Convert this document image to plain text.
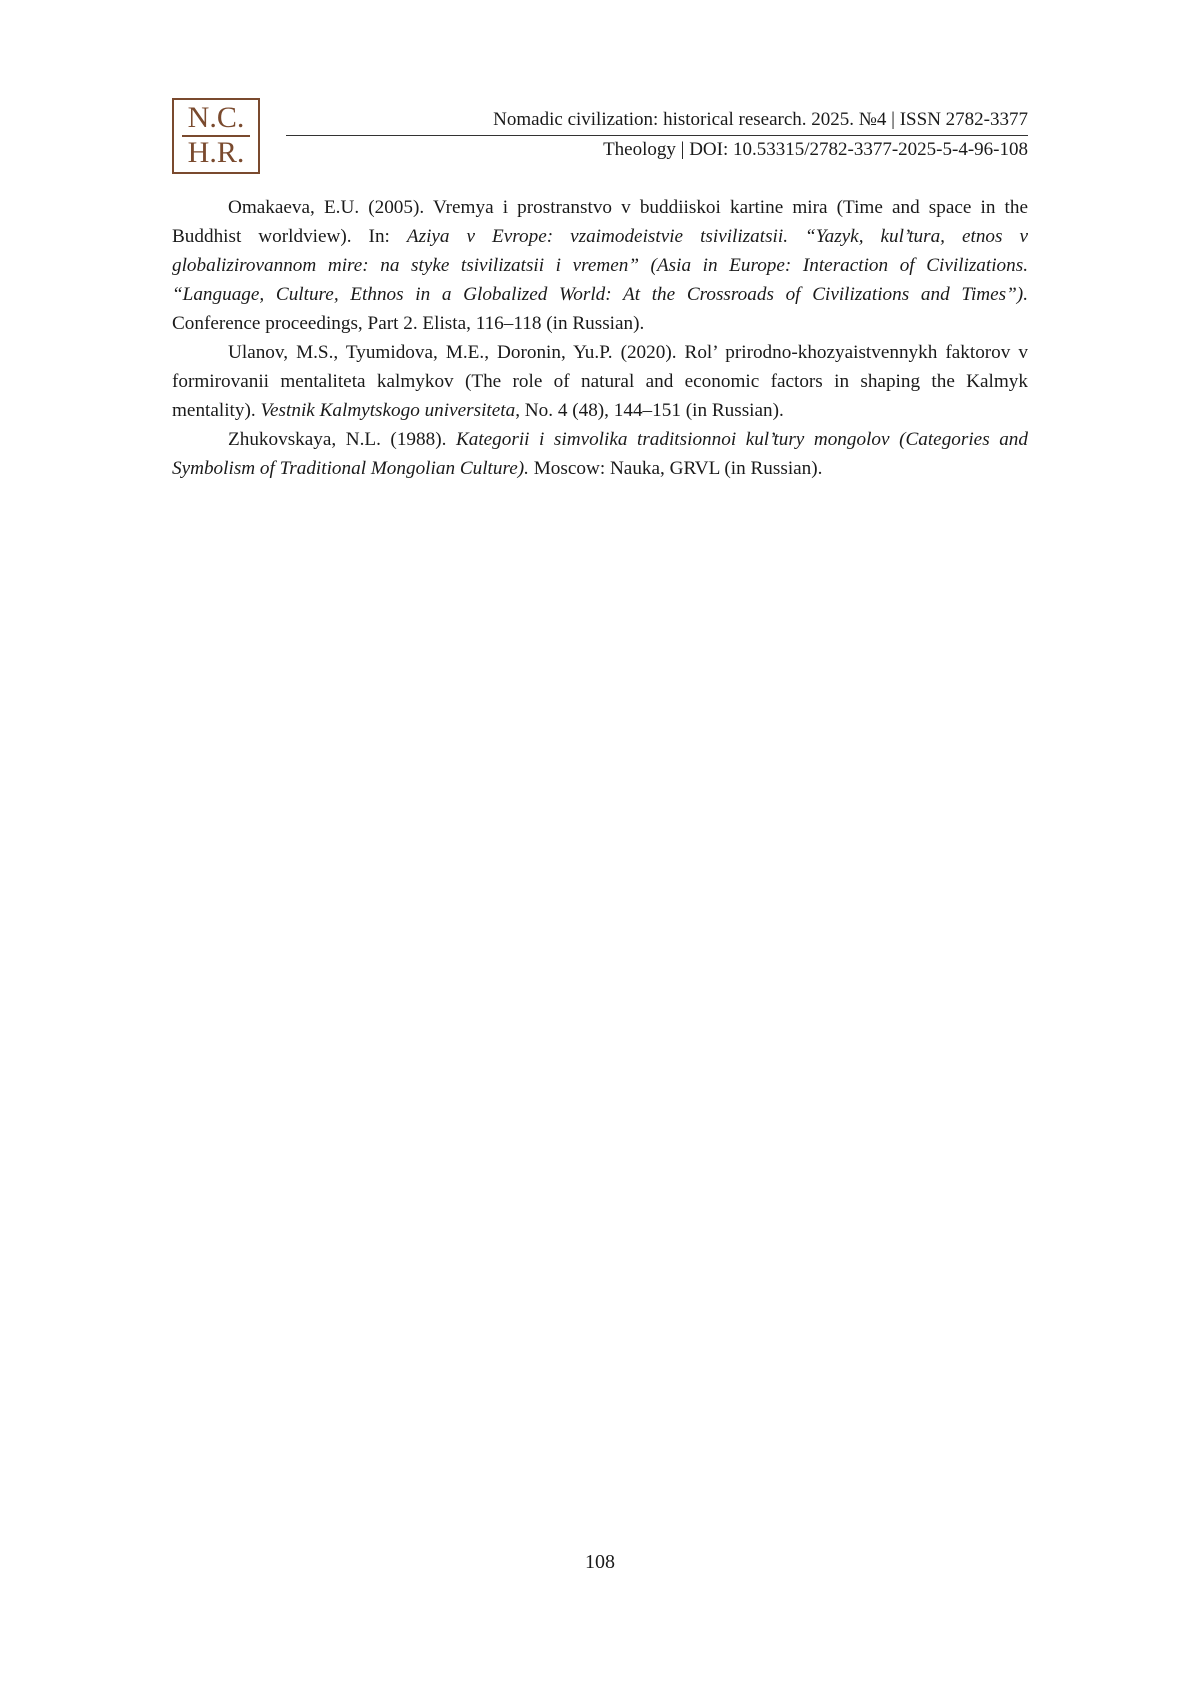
N.C.
H.R.
Nomadic civilization: historical research. 2025. №4 | ISSN 2782-3377
Theology | DOI: 10.53315/2782-3377-2025-5-4-96-108

Omakaeva, E.U. (2005). Vremya i prostranstvo v buddiiskoi kartine mira (Time and space in the Buddhist worldview). In: Aziya v Evrope: vzaimodeistvie tsivilizatsii. “Yazyk, kul’tura, etnos v globalizirovannom mire: na styke tsivilizatsii i vremen” (Asia in Europe: Interaction of Civilizations. “Language, Culture, Ethnos in a Globalized World: At the Crossroads of Civilizations and Times”). Conference proceedings, Part 2. Elista, 116–118 (in Russian).

Ulanov, M.S., Tyumidova, M.E., Doronin, Yu.P. (2020). Rol’ prirodno-khozyaistvennykh faktorov v formirovanii mentaliteta kalmykov (The role of natural and economic factors in shaping the Kalmyk mentality). Vestnik Kalmytskogo universiteta, No. 4 (48), 144–151 (in Russian).

Zhukovskaya, N.L. (1988). Kategorii i simvolika traditsionnoi kul’tury mongolov (Categories and Symbolism of Traditional Mongolian Culture). Moscow: Nauka, GRVL (in Russian).

108
